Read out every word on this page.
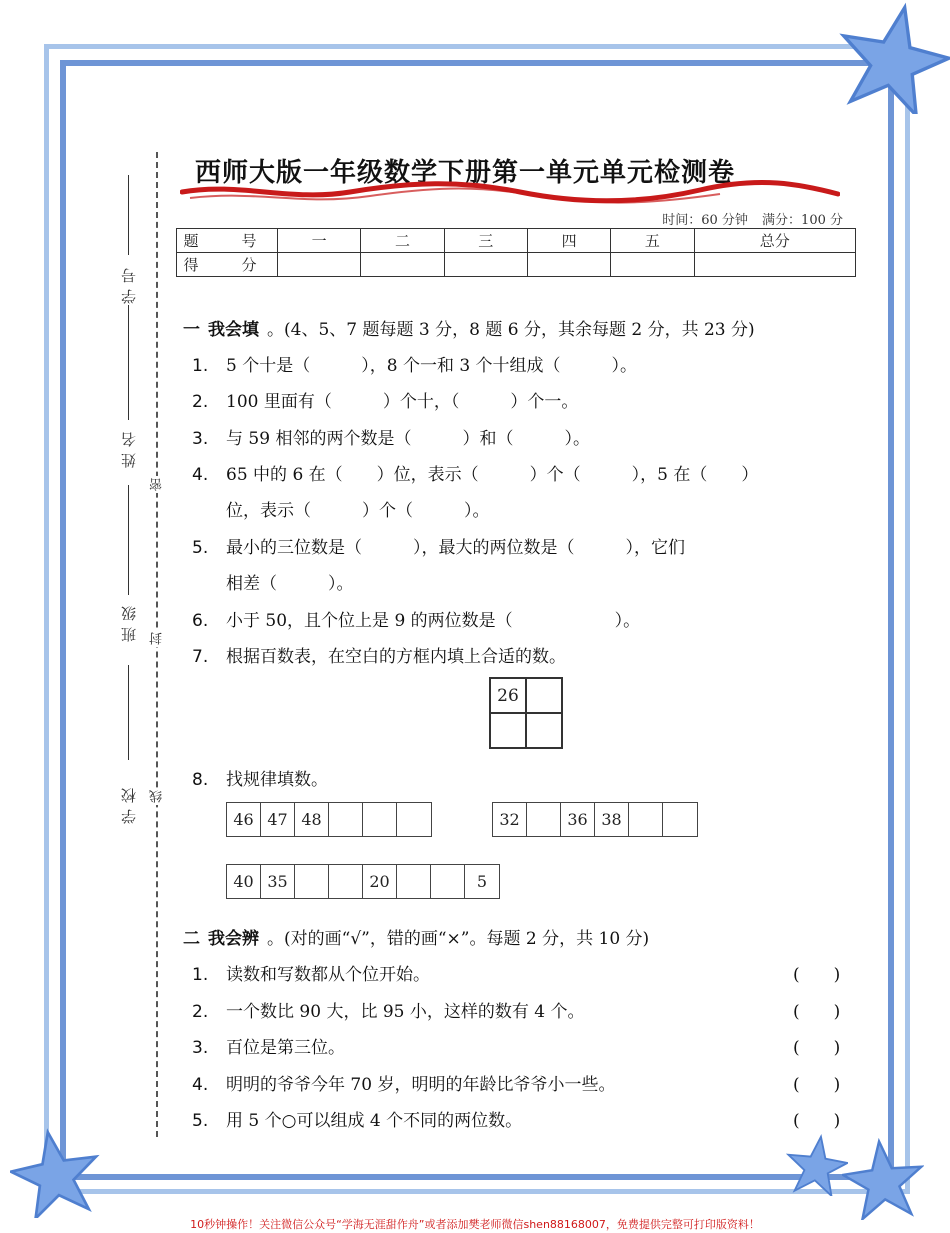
学号
姓名
班级
学校
密
封
线
西师大版一年级数学下册第一单元单元检测卷
时间：60 分钟 满分：100 分
题　号	一	二	三	四	五	总分
得　分						
一 我会填 。(4、5、7 题每题 3 分，8 题 6 分，其余每题 2 分，共 23 分)
1. 5 个十是（　　　），8 个一和 3 个十组成（　　　）。
2. 100 里面有（　　　）个十，（　　　）个一。
3. 与 59 相邻的两个数是（　　　）和（　　　）。
4. 65 中的 6 在（　　）位，表示（　　　）个（　　　），5 在（　　）
位，表示（　　　）个（　　　）。
5. 最小的三位数是（　　　），最大的两位数是（　　　），它们
相差（　　　）。
6. 小于 50，且个位上是 9 的两位数是（　　　　　　）。
7. 根据百数表，在空白的方框内填上合适的数。
26
8. 找规律填数。
46 47 48	32	36 38
40 35	20	5
二 我会辨 。(对的画“√”，错的画“×”。每题 2 分，共 10 分)
1. 读数和写数都从个位开始。	(　　)
2. 一个数比 90 大，比 95 小，这样的数有 4 个。	(　　)
3. 百位是第三位。	(　　)
4. 明明的爷爷今年 70 岁，明明的年龄比爷爷小一些。	(　　)
5. 用 5 个○可以组成 4 个不同的两位数。	(　　)
10秒钟操作！关注微信公众号“学海无涯甜作舟”或者添加樊老师微信shen88168007，免费提供完整可打印版资料！
